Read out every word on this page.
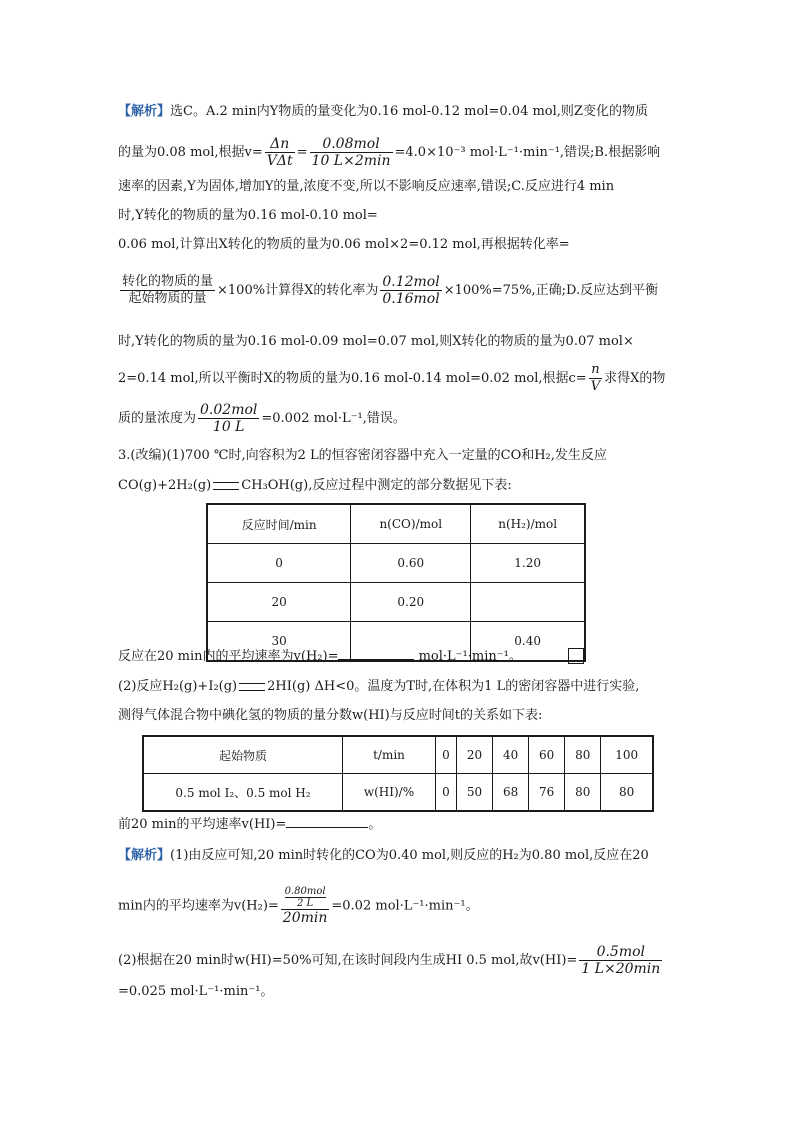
【解析】选C。A.2 min内Y物质的量变化为0.16 mol-0.12 mol=0.04 mol,则Z变化的物质
的量为0.08 mol,根据$v= \frac{\Delta n}{\text{VΔt}} = \frac{\text{0.08mol}}{10 L\times 2\min} =4.0\times 10^{-3}$ mol·L⁻¹·min⁻¹,错误;B.根据影响
速率的因素,Y为固体,增加Y的量,浓度不变,所以不影响反应速率,错误;C.反应进行4 min
时,Y转化的物质的量为0.16 mol-0.10 mol=
0.06 mol,计算出X转化的物质的量为0.06 mol×2=0.12 mol,再根据转化率=
$\frac{\text{转化的物质的量}}{\text{起始物质的量}} \times 100\%$计算得X的转化率为 $\frac{\text{0.12mol}}{\text{0.16mol}} \times 100\%=75\%$,正确;D.反应达到平衡
时,Y转化的物质的量为0.16 mol-0.09 mol=0.07 mol,则X转化的物质的量为0.07 mol×
2=0.14 mol,所以平衡时X的物质的量为0.16 mol-0.14 mol=0.02 mol,根据$c= \frac{n}{V}$ 求得X的物
质的量浓度为 $\frac{\text{0.02mol}}{10 L} =0.002$ mol·L⁻¹,错误。
3.(改编)(1)700 ℃时,向容积为2 L的恒容密闭容器中充入一定量的CO和H₂,发生反应
CO(g)+2H₂(g) CH₃OH(g),反应过程中测定的部分数据见下表:
反应时间/min	n(CO)/mol	n(H₂)/mol
0	0.60	1.20
20	0.20	
30		0.40
反应在20 min内的平均速率为v(H₂)=	mol·L⁻¹·min⁻¹。
(2)反应H₂(g)+I₂(g) 2HI(g) ΔH<0。温度为T时,在体积为1 L的密闭容器中进行实验,
测得气体混合物中碘化氢的物质的量分数w(HI)与反应时间t的关系如下表:
起始物质	t/min	0	20	40	60	80	100
0.5 mol I₂、0.5 mol H₂	w(HI)/%	0	50	68	76	80	80
前20 min的平均速率v(HI)=	。
【解析】(1)由反应可知,20 min时转化的CO为0.40 mol,则反应的H₂为0.80 mol,反应在20
min内的平均速率为v(H₂)= 0.80mol
2 L
20min =0.02 mol·L⁻¹·min⁻¹。
(2)根据在20 min时w(HI)=50%可知,在该时间段内生成HI 0.5 mol,故$v(HI)= \frac{\text{0.5mol}}{1 L\times 20\min}$
=0.025 mol·L⁻¹·min⁻¹。
